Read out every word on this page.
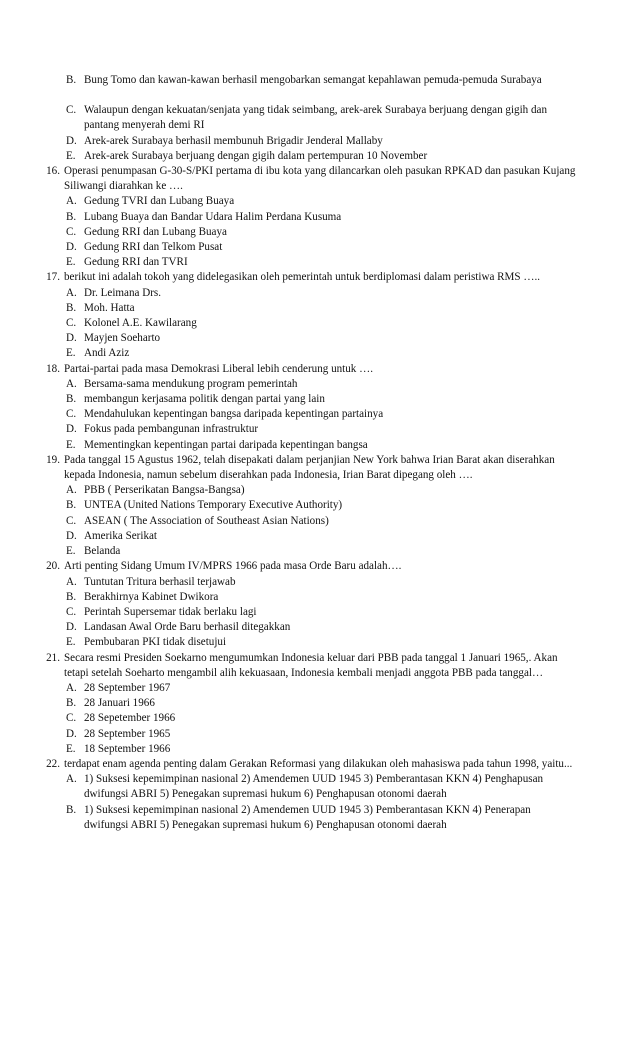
B. Bung Tomo dan kawan-kawan berhasil mengobarkan semangat kepahlawan pemuda-pemuda Surabaya
C. Walaupun dengan kekuatan/senjata yang tidak seimbang, arek-arek Surabaya berjuang dengan gigih dan pantang menyerah demi RI
D. Arek-arek Surabaya berhasil membunuh Brigadir Jenderal Mallaby
E. Arek-arek Surabaya berjuang dengan gigih dalam pertempuran 10 November
16. Operasi penumpasan G-30-S/PKI pertama di ibu kota yang dilancarkan oleh pasukan RPKAD dan pasukan Kujang Siliwangi diarahkan ke ….
A. Gedung TVRI dan Lubang Buaya
B. Lubang Buaya dan Bandar Udara Halim Perdana Kusuma
C. Gedung RRI dan Lubang Buaya
D. Gedung RRI dan Telkom Pusat
E. Gedung RRI dan TVRI
17. berikut ini adalah tokoh yang didelegasikan oleh pemerintah untuk berdiplomasi dalam peristiwa RMS …..
A. Dr. Leimana Drs.
B. Moh. Hatta
C. Kolonel A.E. Kawilarang
D. Mayjen Soeharto
E. Andi Aziz
18. Partai-partai pada masa Demokrasi Liberal lebih cenderung untuk ….
A. Bersama-sama mendukung program pemerintah
B. membangun kerjasama politik dengan partai yang lain
C. Mendahulukan kepentingan bangsa daripada kepentingan partainya
D. Fokus pada pembangunan infrastruktur
E. Mementingkan kepentingan partai daripada kepentingan bangsa
19. Pada tanggal 15 Agustus 1962, telah disepakati dalam perjanjian New York bahwa Irian Barat akan diserahkan kepada Indonesia, namun sebelum diserahkan pada Indonesia, Irian Barat dipegang oleh ….
A. PBB ( Perserikatan Bangsa-Bangsa)
B. UNTEA (United Nations Temporary Executive Authority)
C. ASEAN ( The Association of Southeast Asian Nations)
D. Amerika Serikat
E. Belanda
20. Arti penting Sidang Umum IV/MPRS 1966 pada masa Orde Baru adalah….
A. Tuntutan Tritura berhasil terjawab
B. Berakhirnya Kabinet Dwikora
C. Perintah Supersemar tidak berlaku lagi
D. Landasan Awal Orde Baru berhasil ditegakkan
E. Pembubaran PKI tidak disetujui
21. Secara resmi Presiden Soekarno mengumumkan Indonesia keluar dari PBB pada tanggal 1 Januari 1965,. Akan tetapi setelah Soeharto mengambil alih kekuasaan, Indonesia kembali menjadi anggota PBB pada tanggal…
A. 28 September 1967
B. 28 Januari 1966
C. 28 Sepetember 1966
D. 28 September 1965
E. 18 September 1966
22. terdapat enam agenda penting dalam Gerakan Reformasi yang dilakukan oleh mahasiswa pada tahun 1998, yaitu...
A. 1) Suksesi kepemimpinan nasional 2) Amendemen UUD 1945 3) Pemberantasan KKN 4) Penghapusan dwifungsi ABRI 5) Penegakan supremasi hukum 6) Penghapusan otonomi daerah
B. 1) Suksesi kepemimpinan nasional 2) Amendemen UUD 1945 3) Pemberantasan KKN 4) Penerapan dwifungsi ABRI 5) Penegakan supremasi hukum 6) Penghapusan otonomi daerah
